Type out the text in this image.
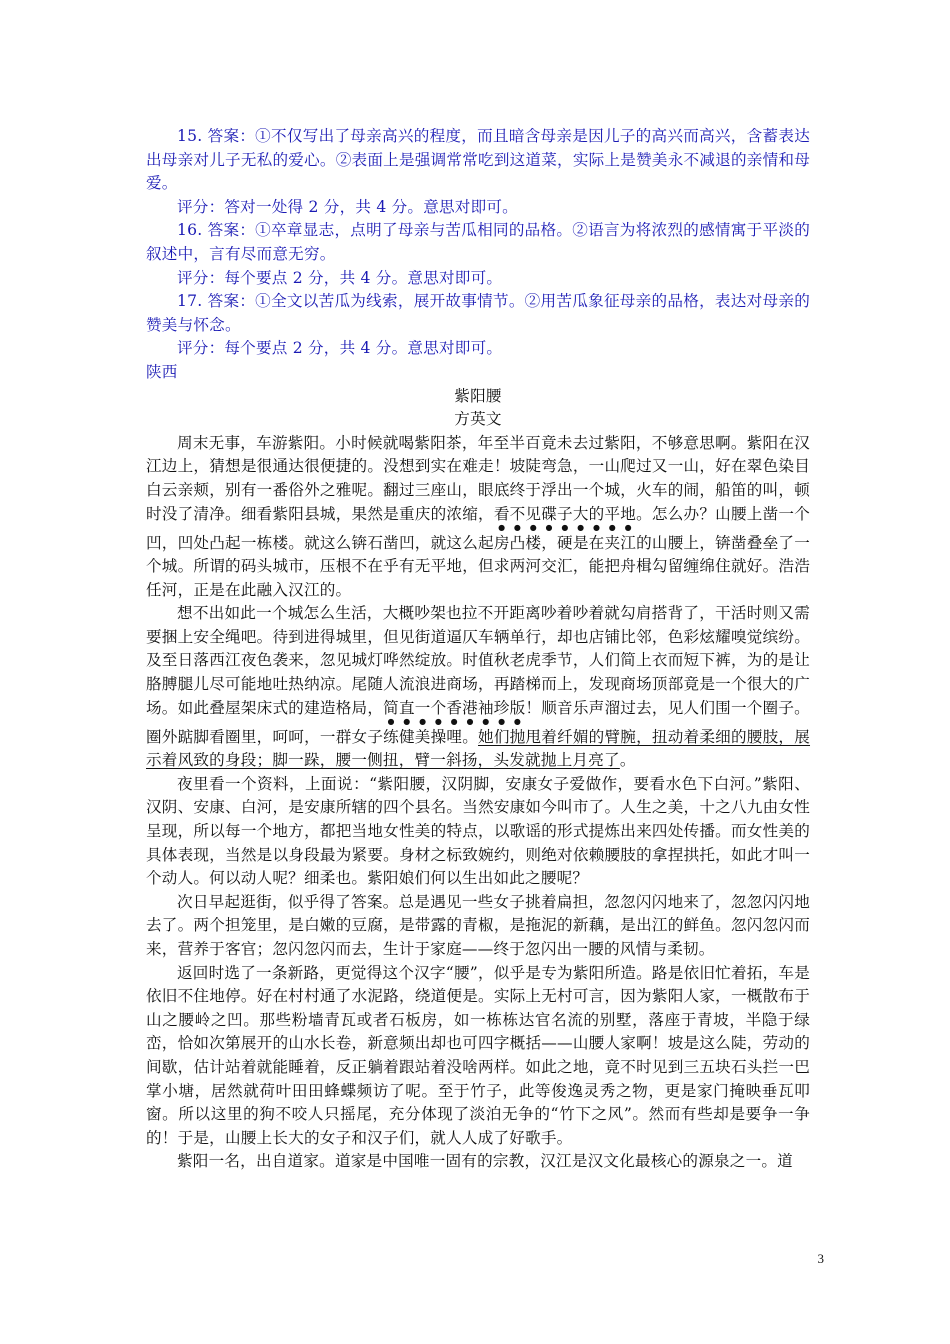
15. 答案：①不仅写出了母亲高兴的程度，而且暗含母亲是因儿子的高兴而高兴，含蓄表达出母亲对儿子无私的爱心。②表面上是强调常常吃到这道菜，实际上是赞美永不减退的亲情和母爱。

评分：答对一处得 2 分，共 4 分。意思对即可。

16. 答案：①卒章显志，点明了母亲与苦瓜相同的品格。②语言为将浓烈的感情寓于平淡的叙述中，言有尽而意无穷。

评分：每个要点 2 分，共 4 分。意思对即可。

17. 答案：①全文以苦瓜为线索，展开故事情节。②用苦瓜象征母亲的品格，表达对母亲的赞美与怀念。

评分：每个要点 2 分，共 4 分。意思对即可。

陕西

紫阳腰

方英文

周末无事，车游紫阳。小时候就喝紫阳茶，年至半百竟未去过紫阳，不够意思啊。紫阳在汉江边上，猜想是很通达很便捷的。没想到实在难走！坡陡弯急，一山爬过又一山，好在翠色染目白云亲颊，别有一番俗外之雅呢。翻过三座山，眼底终于浮出一个城，火车的闹，船笛的叫，顿时没了清净。细看紫阳县城，果然是重庆的浓缩，看不见碟子大的平地。怎么办？山腰上凿一个凹，凹处凸起一栋楼。就这么锛石凿凹，就这么起房凸楼，硬是在夹江的山腰上，锛凿叠垒了一个城。所谓的码头城市，压根不在乎有无平地，但求两河交汇，能把舟楫勾留缠绵住就好。浩浩任河，正是在此融入汉江的。

想不出如此一个城怎么生活，大概吵架也拉不开距离吵着吵着就勾肩搭背了，干活时则又需要捆上安全绳吧。待到进得城里，但见街道逼仄车辆单行，却也店铺比邻，色彩炫耀嗅觉缤纷。及至日落西江夜色袭来，忽见城灯哗然绽放。时值秋老虎季节，人们简上衣而短下裤，为的是让胳膊腿儿尽可能地吐热纳凉。尾随人流浪进商场，再踏梯而上，发现商场顶部竟是一个很大的广场。如此叠屋架床式的建造格局，简直一个香港袖珍版！顺音乐声溜过去，见人们围一个圈子。圈外踮脚看圈里，呵呵，一群女子练健美操哩。她们抛甩着纤媚的臂腕，扭动着柔细的腰肢，展示着风致的身段；脚一跺，腰一侧扭，臂一斜扬，头发就抛上月亮了。

夜里看一个资料，上面说：“紫阳腰，汉阴脚，安康女子爱做作，要看水色下白河。”紫阳、汉阴、安康、白河，是安康所辖的四个县名。当然安康如今叫市了。人生之美，十之八九由女性呈现，所以每一个地方，都把当地女性美的特点，以歌谣的形式提炼出来四处传播。而女性美的具体表现，当然是以身段最为紧要。身材之标致婉约，则绝对依赖腰肢的拿捏拱托，如此才叫一个动人。何以动人呢？细柔也。紫阳娘们何以生出如此之腰呢？

次日早起逛街，似乎得了答案。总是遇见一些女子挑着扁担，忽忽闪闪地来了，忽忽闪闪地去了。两个担笼里，是白嫩的豆腐，是带露的青椒，是拖泥的新藕，是出江的鲜鱼。忽闪忽闪而来，营养于客官；忽闪忽闪而去，生计于家庭——终于忽闪出一腰的风情与柔韧。

返回时选了一条新路，更觉得这个汉字“腰”，似乎是专为紫阳所造。路是依旧忙着拓，车是依旧不住地停。好在村村通了水泥路，绕道便是。实际上无村可言，因为紫阳人家，一概散布于山之腰岭之凹。那些粉墙青瓦或者石板房，如一栋栋达官名流的别墅，落座于青坡，半隐于绿峦，恰如次第展开的山水长卷，新意频出却也可四字概括——山腰人家啊！坡是这么陡，劳动的间歇，估计站着就能睡着，反正躺着跟站着没啥两样。如此之地，竟不时见到三五块石头拦一巴掌小塘，居然就荷叶田田蜂蝶频访了呢。至于竹子，此等俊逸灵秀之物，更是家门掩映垂瓦叩窗。所以这里的狗不咬人只摇尾，充分体现了淡泊无争的“竹下之风”。然而有些却是要争一争的！于是，山腰上长大的女子和汉子们，就人人成了好歌手。

紫阳一名，出自道家。道家是中国唯一固有的宗教，汉江是汉文化最核心的源泉之一。道

3
